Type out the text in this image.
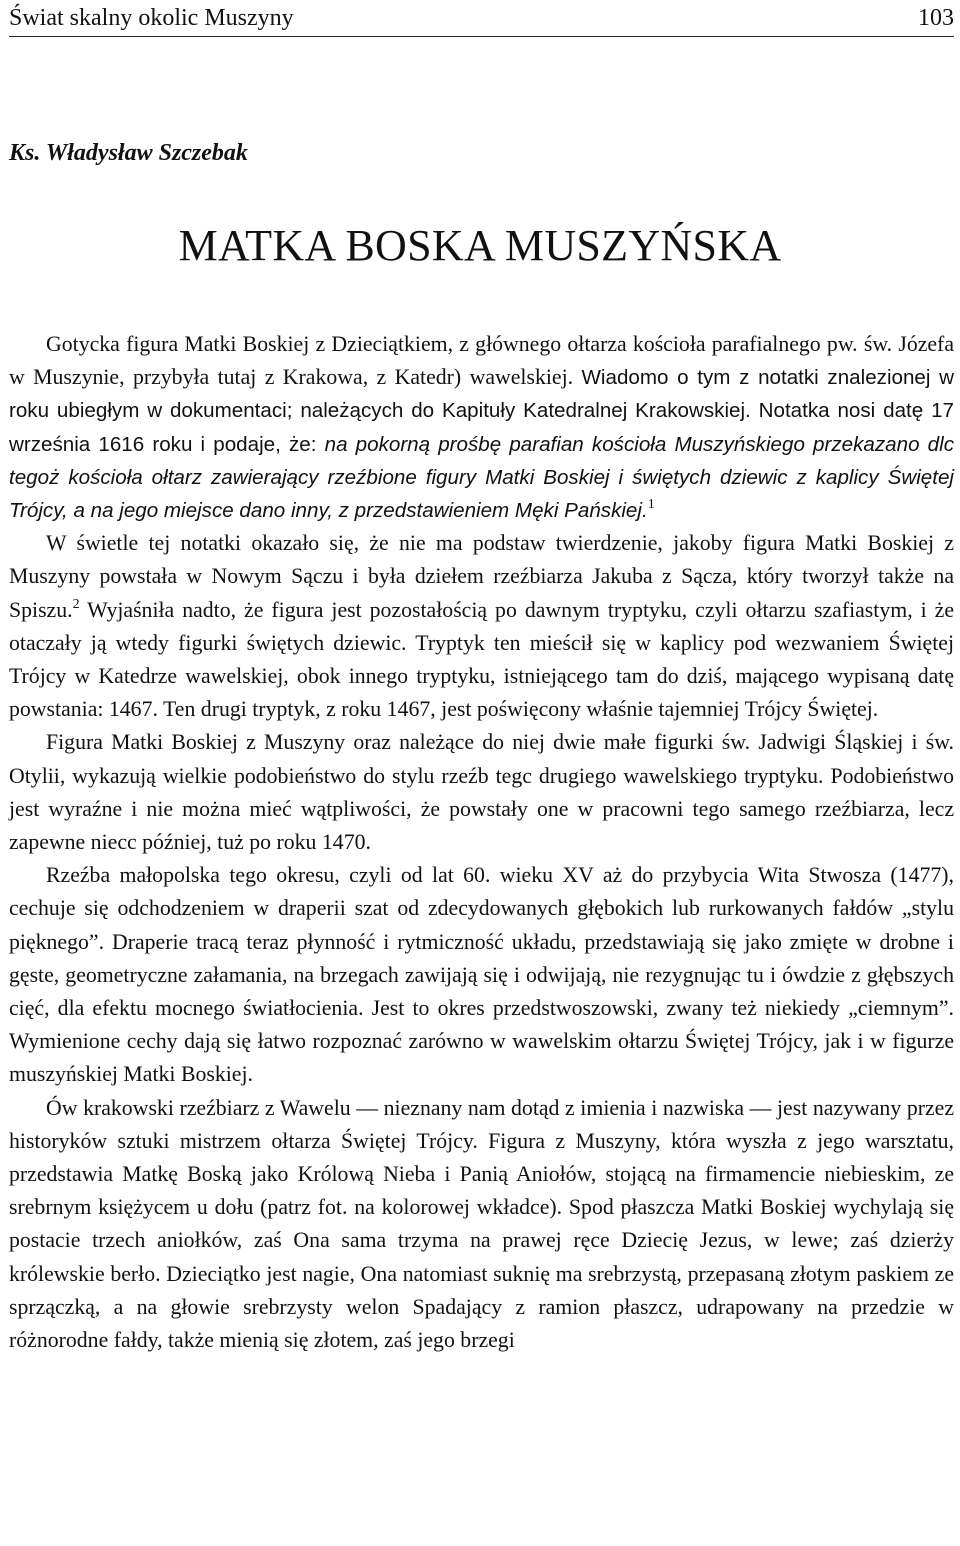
Świat skalny okolic Muszyny	103
Ks. Władysław Szczebak
MATKA BOSKA MUSZYŃSKA

Gotycka figura Matki Boskiej z Dzieciątkiem, z głównego ołtarza kościoła parafialnego pw. św. Józefa w Muszynie, przybyła tutaj z Krakowa, z Katedr) wawelskiej. Wiadomo o tym z notatki znalezionej w roku ubiegłym w dokumentaci; należących do Kapituły Katedralnej Krakowskiej. Notatka nosi datę 17 września 1616 roku i podaje, że: na pokorną prośbę parafian kościoła Muszyńskiego przekazano dlc tegoż kościoła ołtarz zawierający rzeźbione figury Matki Boskiej i świętych dziewic z kaplicy Świętej Trójcy, a na jego miejsce dano inny, z przedstawieniem Męki Pańskiej.$^1$

W świetle tej notatki okazało się, że nie ma podstaw twierdzenie, jakoby figura Matki Boskiej z Muszyny powstała w Nowym Sączu i była dziełem rzeźbiarza Jakuba z Sącza, który tworzył także na Spiszu.$^2$ Wyjaśniła nadto, że figura jest pozostałością po dawnym tryptyku, czyli ołtarzu szafiastym, i że otaczały ją wtedy figurki świętych dziewic. Tryptyk ten mieścił się w kaplicy pod wezwaniem Świętej Trójcy w Katedrze wawelskiej, obok innego tryptyku, istniejącego tam do dziś, mającego wypisaną datę powstania: 1467. Ten drugi tryptyk, z roku 1467, jest poświęcony właśnie tajemniej Trójcy Świętej.

Figura Matki Boskiej z Muszyny oraz należące do niej dwie małe figurki św. Jadwigi Śląskiej i św. Otylii, wykazują wielkie podobieństwo do stylu rzeźb tegc drugiego wawelskiego tryptyku. Podobieństwo jest wyraźne i nie można mieć wątpliwości, że powstały one w pracowni tego samego rzeźbiarza, lecz zapewne niecc później, tuż po roku 1470.

Rzeźba małopolska tego okresu, czyli od lat 60. wieku XV aż do przybycia Wita Stwosza (1477), cechuje się odchodzeniem w draperii szat od zdecydowanych głębokich lub rurkowanych fałdów „stylu pięknego”. Draperie tracą teraz płynność i rytmiczność układu, przedstawiają się jako zmięte w drobne i gęste, geometryczne załamania, na brzegach zawijają się i odwijają, nie rezygnując tu i ówdzie z głębszych cięć, dla efektu mocnego światłocienia. Jest to okres przedstwoszowski, zwany też niekiedy „ciemnym”. Wymienione cechy dają się łatwo rozpoznać zarówno w wawelskim ołtarzu Świętej Trójcy, jak i w figurze muszyńskiej Matki Boskiej.

Ów krakowski rzeźbiarz z Wawelu — nieznany nam dotąd z imienia i nazwiska — jest nazywany przez historyków sztuki mistrzem ołtarza Świętej Trójcy. Figura z Muszyny, która wyszła z jego warsztatu, przedstawia Matkę Boską jako Królową Nieba i Panią Aniołów, stojącą na firmamencie niebieskim, ze srebrnym księżycem u dołu (patrz fot. na kolorowej wkładce). Spod płaszcza Matki Boskiej wychylają się postacie trzech aniołków, zaś Ona sama trzyma na prawej ręce Dziecię Jezus, w lewe; zaś dzierży królewskie berło. Dzieciątko jest nagie, Ona natomiast suknię ma srebrzystą, przepasaną złotym paskiem ze sprzączką, a na głowie srebrzysty welon Spadający z ramion płaszcz, udrapowany na przedzie w różnorodne fałdy, także mienią się złotem, zaś jego brzegi
